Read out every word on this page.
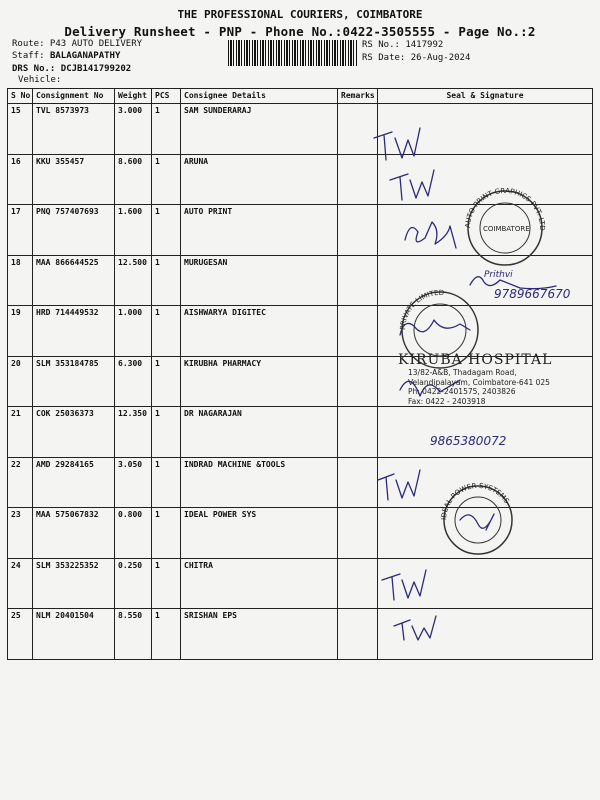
THE PROFESSIONAL COURIERS, COIMBATORE
Delivery Runsheet - PNP - Phone No.:0422-3505555 - Page No.:2
Route: P43 AUTO DELIVERY
Staff: BALAGANAPATHY
DRS No.: DCJB141799202
Vehicle:
RS No.: 1417992
RS Date: 26-Aug-2024
S No	Consignment No	Weight	PCS	Consignee Details	Remarks	Seal & Signature
15	TVL 8573973	3.000	1	SAM SUNDERARAJ		
16	KKU 355457	8.600	1	ARUNA		
17	PNQ 757407693	1.600	1	AUTO PRINT		
18	MAA 866644525	12.500	1	MURUGESAN		
19	HRD 714449532	1.000	1	AISHWARYA DIGITEC		
20	SLM 353184785	6.300	1	KIRUBHA PHARMACY		
21	COK 25036373	12.350	1	DR NAGARAJAN		
22	AMD 29284165	3.050	1	INDRAD MACHINE &TOOLS		
23	MAA 575067832	0.800	1	IDEAL POWER SYS		
24	SLM 353225352	0.250	1	CHITRA		
25	NLM 20401504	8.550	1	SRISHAN EPS		
AUTO PRINT GRAPHICS PVT. LTD
COIMBATORE
PRIVATE LIMITED
IDEAL POWER SYSTEMS
KIRUBA HOSPITAL
13/82-A&B, Thadagam Road,
Velandipalayam, Coimbatore-641 025
Ph: 0422-2401575, 2403826
Fax: 0422 - 2403918
9789667670
9865380072
Prithvi
